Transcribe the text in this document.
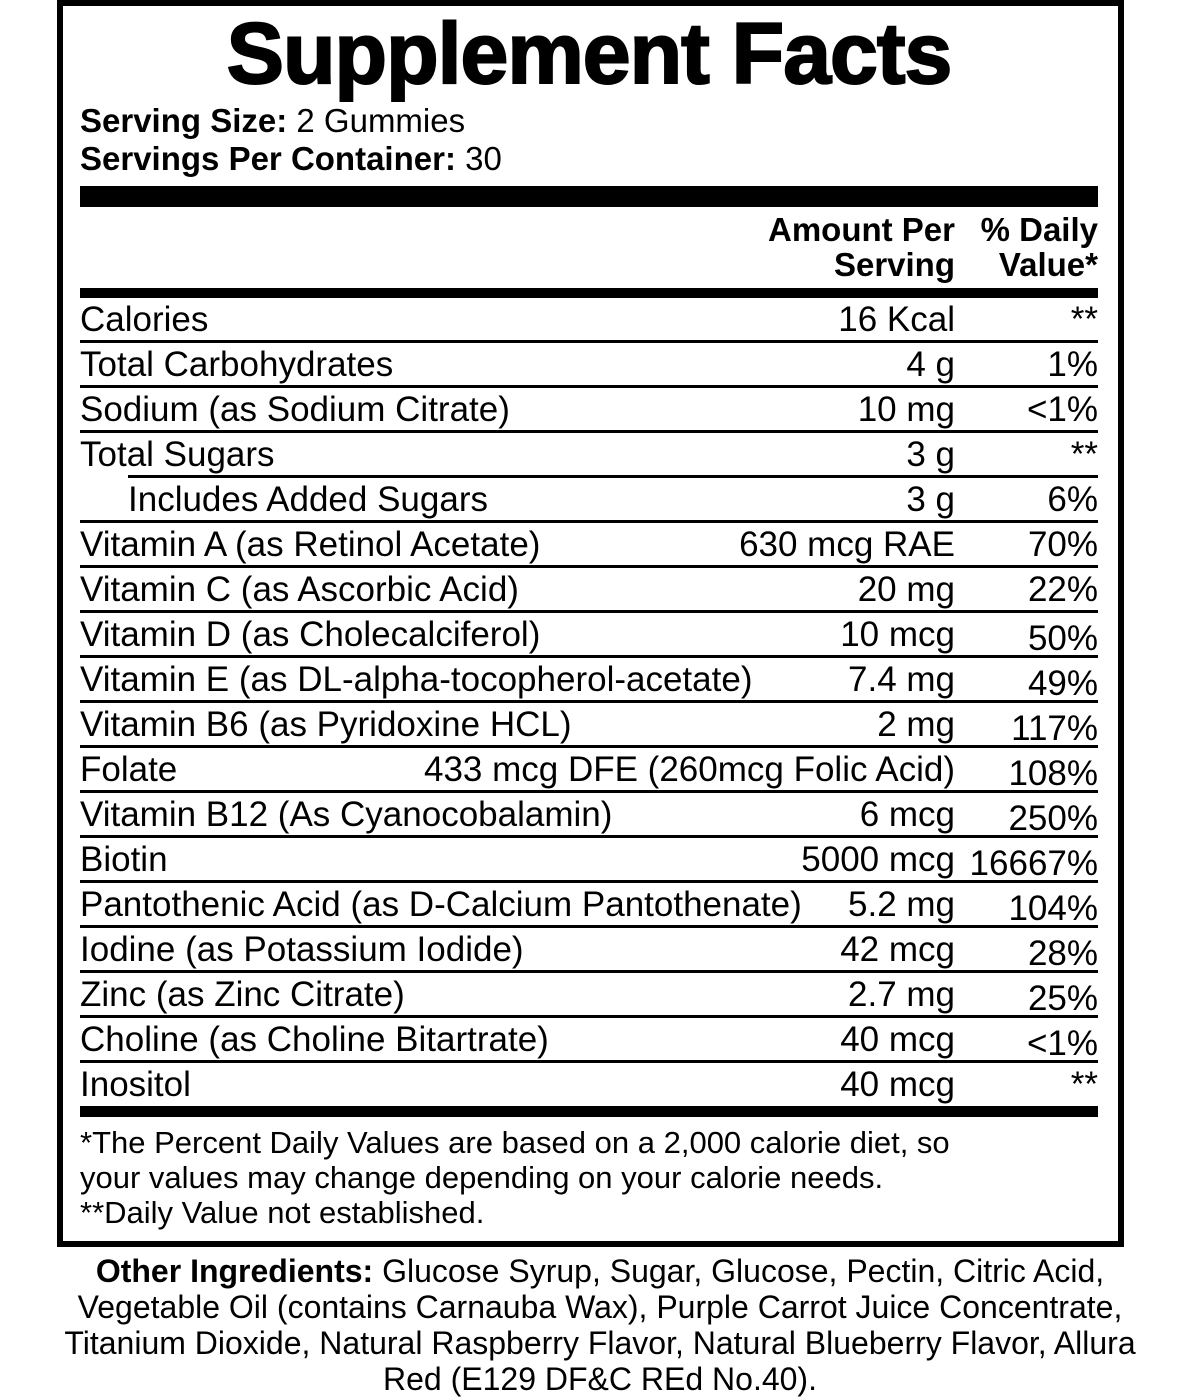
Supplement Facts
Serving Size: 2 Gummies
Servings Per Container: 30
Amount Per
Serving
% Daily
Value*
Calories	16 Kcal	**
Total Carbohydrates	4 g	1%
Sodium (as Sodium Citrate)	10 mg	<1%
Total Sugars	3 g	**
Includes Added Sugars	3 g	6%
Vitamin A (as Retinol Acetate)	630 mcg RAE	70%
Vitamin C (as Ascorbic Acid)	20 mg	22%
Vitamin D (as Cholecalciferol)	10 mcg	50%
Vitamin E (as DL-alpha-tocopherol-acetate)	7.4 mg	49%
Vitamin B6 (as Pyridoxine HCL)	2 mg	117%
Folate	433 mcg DFE (260mcg Folic Acid)	108%
Vitamin B12 (As Cyanocobalamin)	6 mcg	250%
Biotin	5000 mcg 16667%
Pantothenic Acid (as D-Calcium Pantothenate)	5.2 mg	104%
Iodine (as Potassium Iodide)	42 mcg	28%
Zinc (as Zinc Citrate)	2.7 mg	25%
Choline (as Choline Bitartrate)	40 mcg	<1%
Inositol	40 mcg	**
*The Percent Daily Values are based on a 2,000 calorie diet, so
your values may change depending on your calorie needs.
**Daily Value not established.
Other Ingredients: Glucose Syrup, Sugar, Glucose, Pectin, Citric Acid,
Vegetable Oil (contains Carnauba Wax), Purple Carrot Juice Concentrate,
Titanium Dioxide, Natural Raspberry Flavor, Natural Blueberry Flavor, Allura
Red (E129 DF&C REd No.40).
